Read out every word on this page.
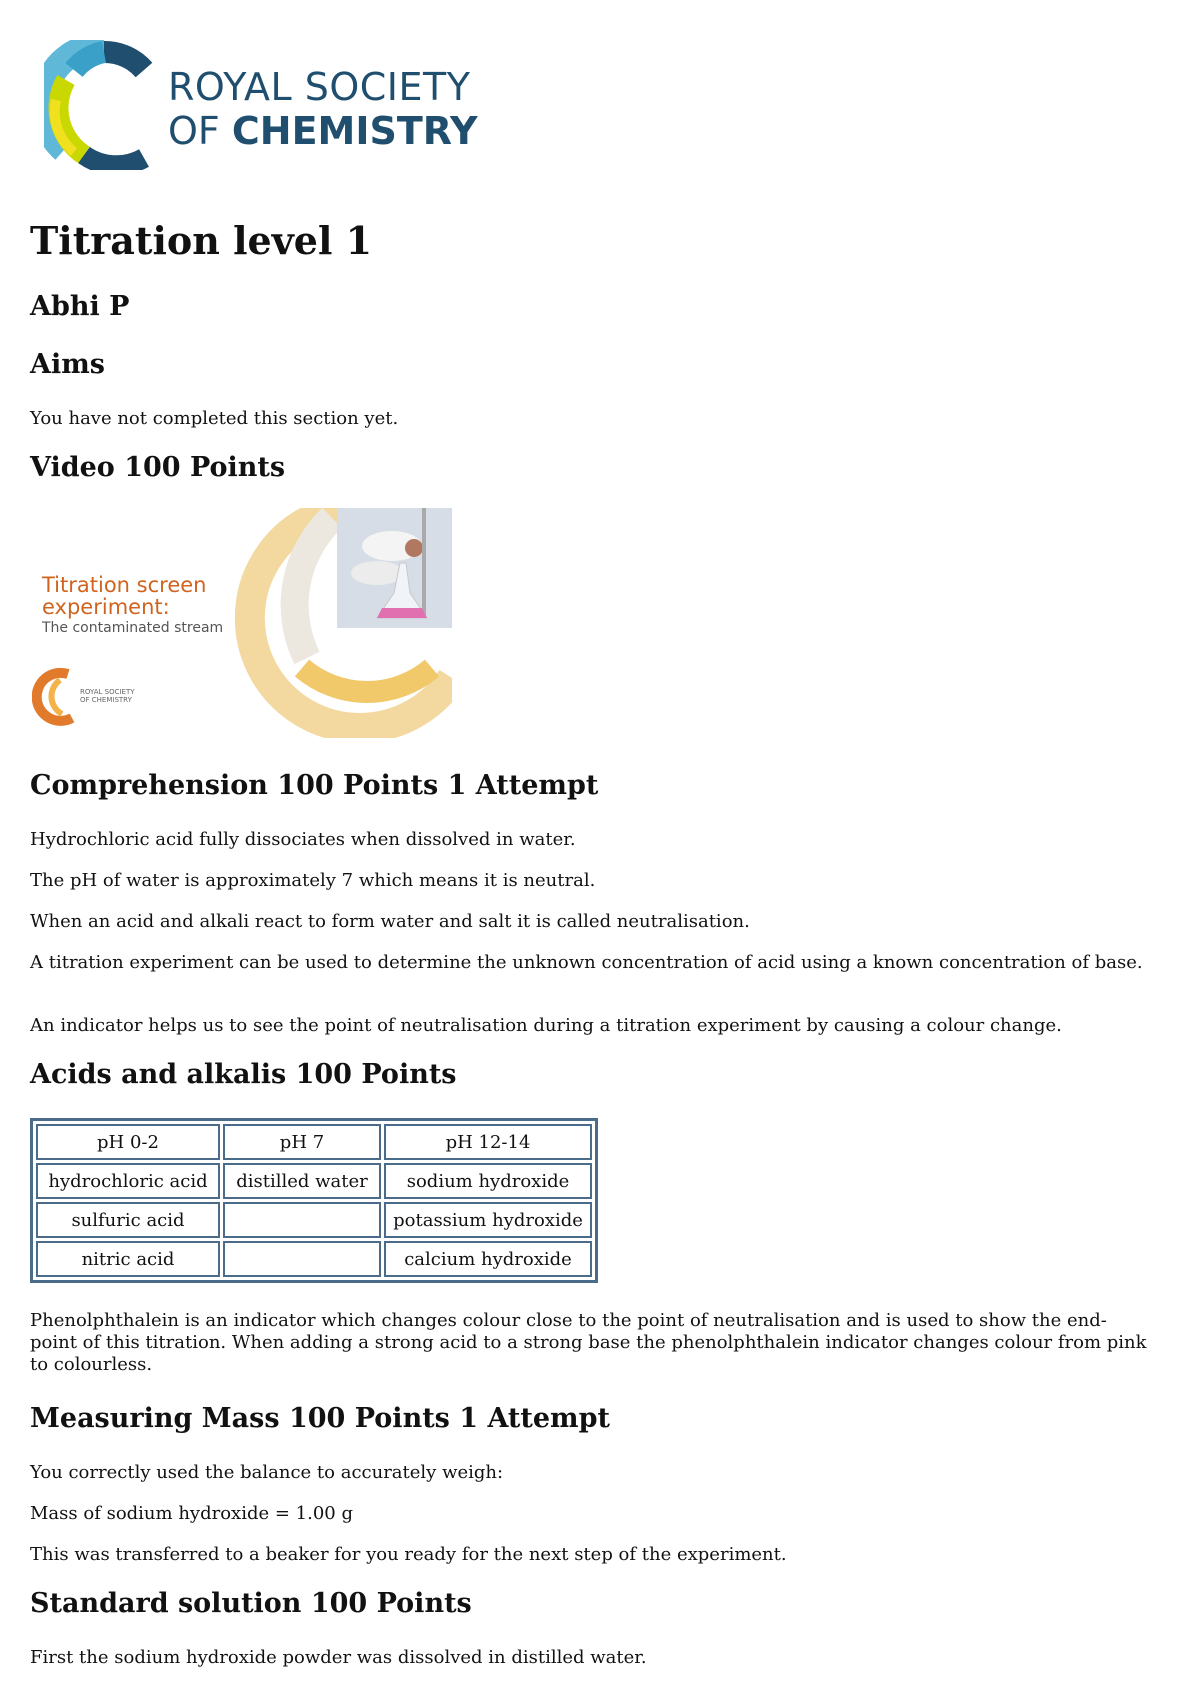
ROYAL SOCIETY
OF CHEMISTRY
Titration level 1
Abhi P
Aims

You have not completed this section yet.

Video 100 Points
Titration screen
experiment:
The contaminated stream
ROYAL SOCIETY
OF CHEMISTRY
Comprehension 100 Points 1 Attempt

Hydrochloric acid fully dissociates when dissolved in water.

The pH of water is approximately 7 which means it is neutral.

When an acid and alkali react to form water and salt it is called neutralisation.

A titration experiment can be used to determine the unknown concentration of acid using a known concentration of base.

An indicator helps us to see the point of neutralisation during a titration experiment by causing a colour change.

Acids and alkalis 100 Points
pH 0-2	pH 7	pH 12-14
hydrochloric acid	distilled water	sodium hydroxide
sulfuric acid		potassium hydroxide
nitric acid		calcium hydroxide

Phenolphthalein is an indicator which changes colour close to the point of neutralisation and is used to show the end-point of this titration. When adding a strong acid to a strong base the phenolphthalein indicator changes colour from pink to colourless.

Measuring Mass 100 Points 1 Attempt

You correctly used the balance to accurately weigh:

Mass of sodium hydroxide = 1.00 g

This was transferred to a beaker for you ready for the next step of the experiment.

Standard solution 100 Points

First the sodium hydroxide powder was dissolved in distilled water.
